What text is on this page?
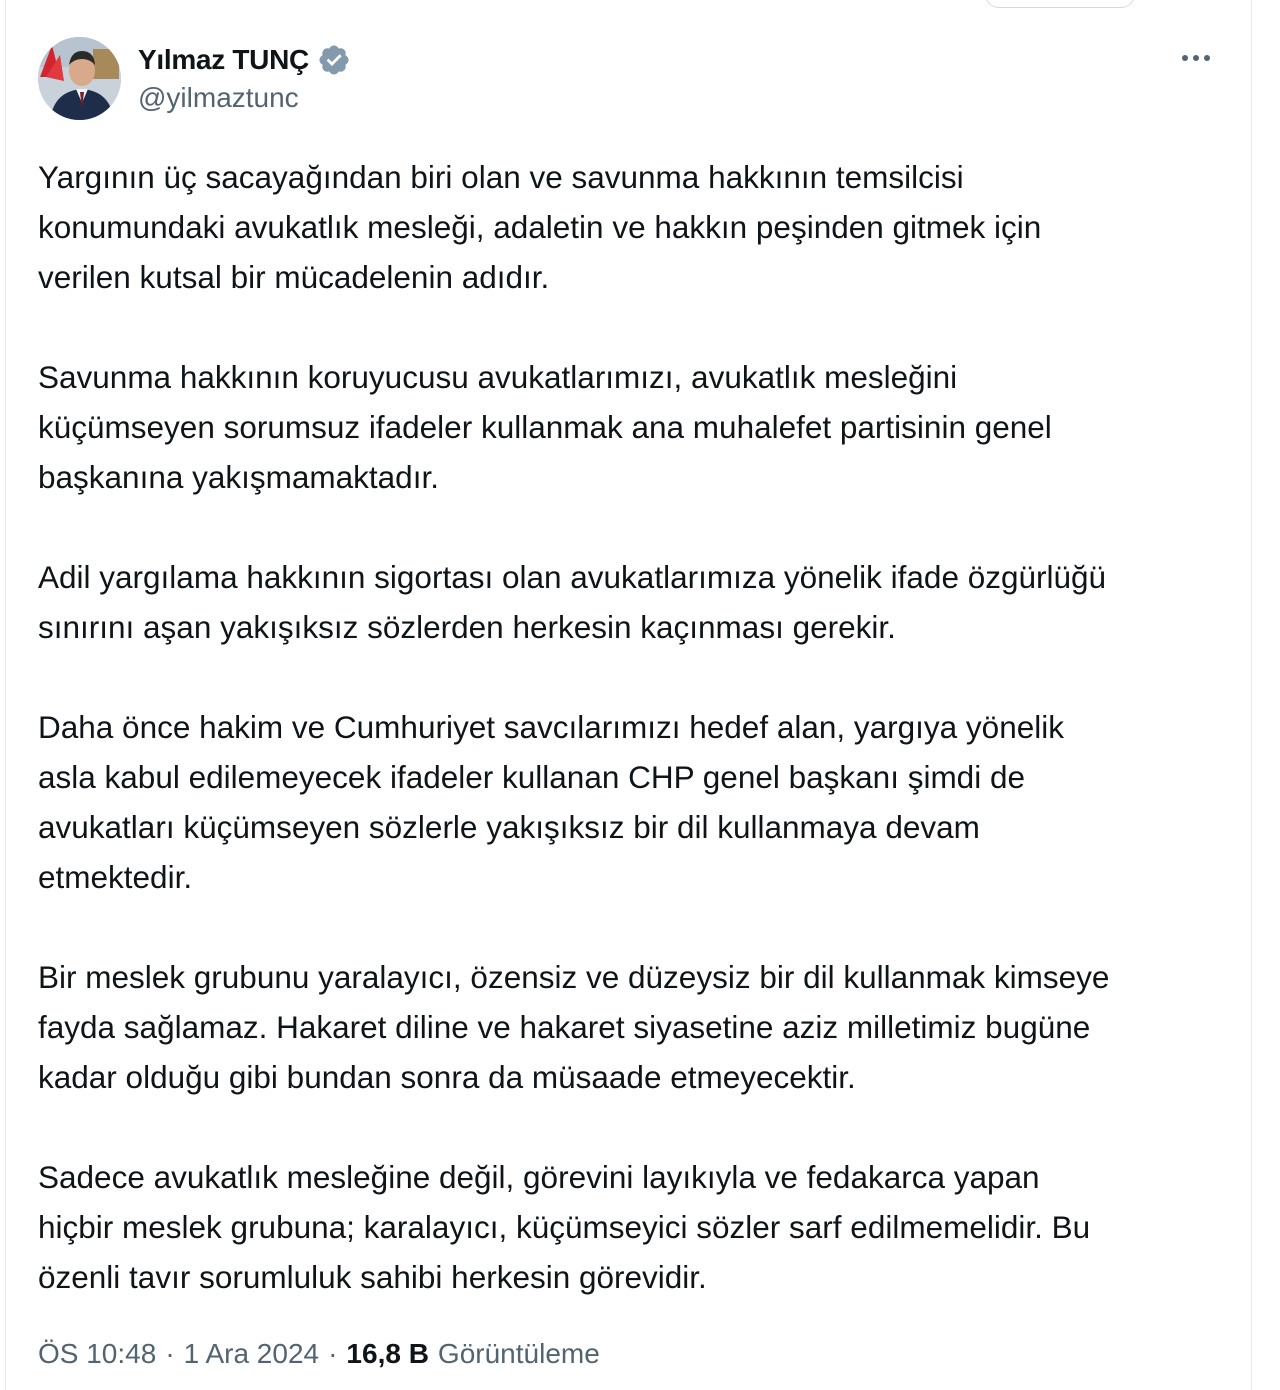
Yılmaz TUNÇ
@yilmaztunc

Yargının üç sacayağından biri olan ve savunma hakkının temsilcisi
konumundaki avukatlık mesleği, adaletin ve hakkın peşinden gitmek için
verilen kutsal bir mücadelenin adıdır.

Savunma hakkının koruyucusu avukatlarımızı, avukatlık mesleğini
küçümseyen sorumsuz ifadeler kullanmak ana muhalefet partisinin genel
başkanına yakışmamaktadır.

Adil yargılama hakkının sigortası olan avukatlarımıza yönelik ifade özgürlüğü
sınırını aşan yakışıksız sözlerden herkesin kaçınması gerekir.

Daha önce hakim ve Cumhuriyet savcılarımızı hedef alan, yargıya yönelik
asla kabul edilemeyecek ifadeler kullanan CHP genel başkanı şimdi de
avukatları küçümseyen sözlerle yakışıksız bir dil kullanmaya devam
etmektedir.

Bir meslek grubunu yaralayıcı, özensiz ve düzeysiz bir dil kullanmak kimseye
fayda sağlamaz. Hakaret diline ve hakaret siyasetine aziz milletimiz bugüne
kadar olduğu gibi bundan sonra da müsaade etmeyecektir.

Sadece avukatlık mesleğine değil, görevini layıkıyla ve fedakarca yapan
hiçbir meslek grubuna; karalayıcı, küçümseyici sözler sarf edilmemelidir. Bu
özenli tavır sorumluluk sahibi herkesin görevidir.

ÖS 10:48 · 1 Ara 2024 · 16,8 B Görüntüleme
